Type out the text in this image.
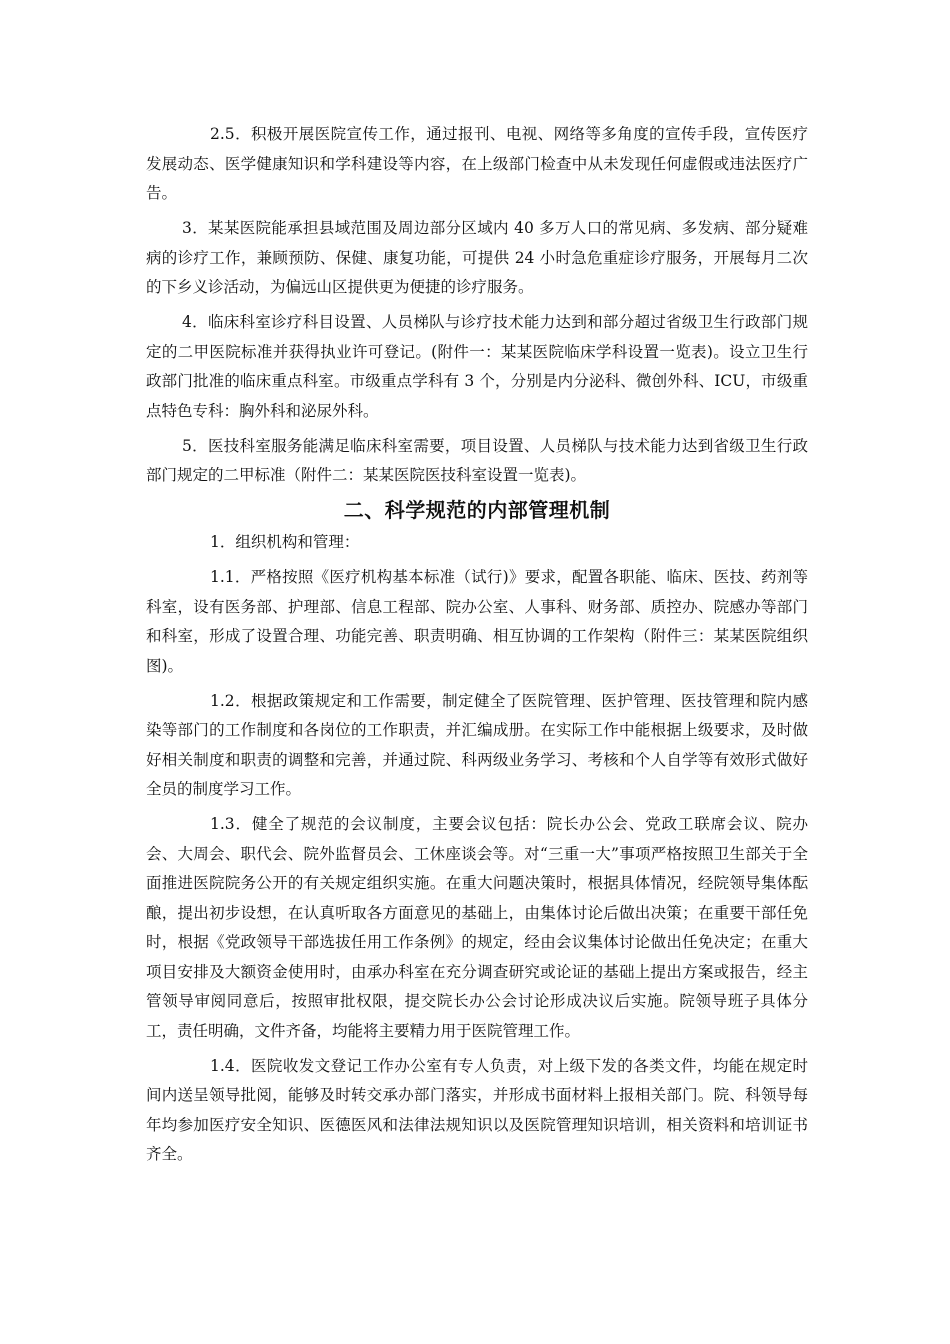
2.5．积极开展医院宣传工作，通过报刊、电视、网络等多角度的宣传手段，宣传医疗发展动态、医学健康知识和学科建设等内容，在上级部门检查中从未发现任何虚假或违法医疗广告。

3．某某医院能承担县域范围及周边部分区域内 40 多万人口的常见病、多发病、部分疑难病的诊疗工作，兼顾预防、保健、康复功能，可提供 24 小时急危重症诊疗服务，开展每月二次的下乡义诊活动，为偏远山区提供更为便捷的诊疗服务。

4．临床科室诊疗科目设置、人员梯队与诊疗技术能力达到和部分超过省级卫生行政部门规定的二甲医院标准并获得执业许可登记。(附件一：某某医院临床学科设置一览表)。设立卫生行政部门批准的临床重点科室。市级重点学科有 3 个，分别是内分泌科、微创外科、ICU，市级重点特色专科：胸外科和泌尿外科。

5．医技科室服务能满足临床科室需要，项目设置、人员梯队与技术能力达到省级卫生行政部门规定的二甲标准（附件二：某某医院医技科室设置一览表)。

二、科学规范的内部管理机制

1．组织机构和管理：

1.1．严格按照《医疗机构基本标准（试行)》要求，配置各职能、临床、医技、药剂等科室，设有医务部、护理部、信息工程部、院办公室、人事科、财务部、质控办、院感办等部门和科室，形成了设置合理、功能完善、职责明确、相互协调的工作架构（附件三：某某医院组织图)。

1.2．根据政策规定和工作需要，制定健全了医院管理、医护管理、医技管理和院内感染等部门的工作制度和各岗位的工作职责，并汇编成册。在实际工作中能根据上级要求，及时做好相关制度和职责的调整和完善，并通过院、科两级业务学习、考核和个人自学等有效形式做好全员的制度学习工作。

1.3．健全了规范的会议制度，主要会议包括：院长办公会、党政工联席会议、院办会、大周会、职代会、院外监督员会、工休座谈会等。对“三重一大”事项严格按照卫生部关于全面推进医院院务公开的有关规定组织实施。在重大问题决策时，根据具体情况，经院领导集体酝酿，提出初步设想，在认真听取各方面意见的基础上，由集体讨论后做出决策；在重要干部任免时，根据《党政领导干部选拔任用工作条例》的规定，经由会议集体讨论做出任免决定；在重大项目安排及大额资金使用时，由承办科室在充分调查研究或论证的基础上提出方案或报告，经主管领导审阅同意后，按照审批权限，提交院长办公会讨论形成决议后实施。院领导班子具体分工，责任明确，文件齐备，均能将主要精力用于医院管理工作。

1.4．医院收发文登记工作办公室有专人负责，对上级下发的各类文件，均能在规定时间内送呈领导批阅，能够及时转交承办部门落实，并形成书面材料上报相关部门。院、科领导每年均参加医疗安全知识、医德医风和法律法规知识以及医院管理知识培训，相关资料和培训证书齐全。
